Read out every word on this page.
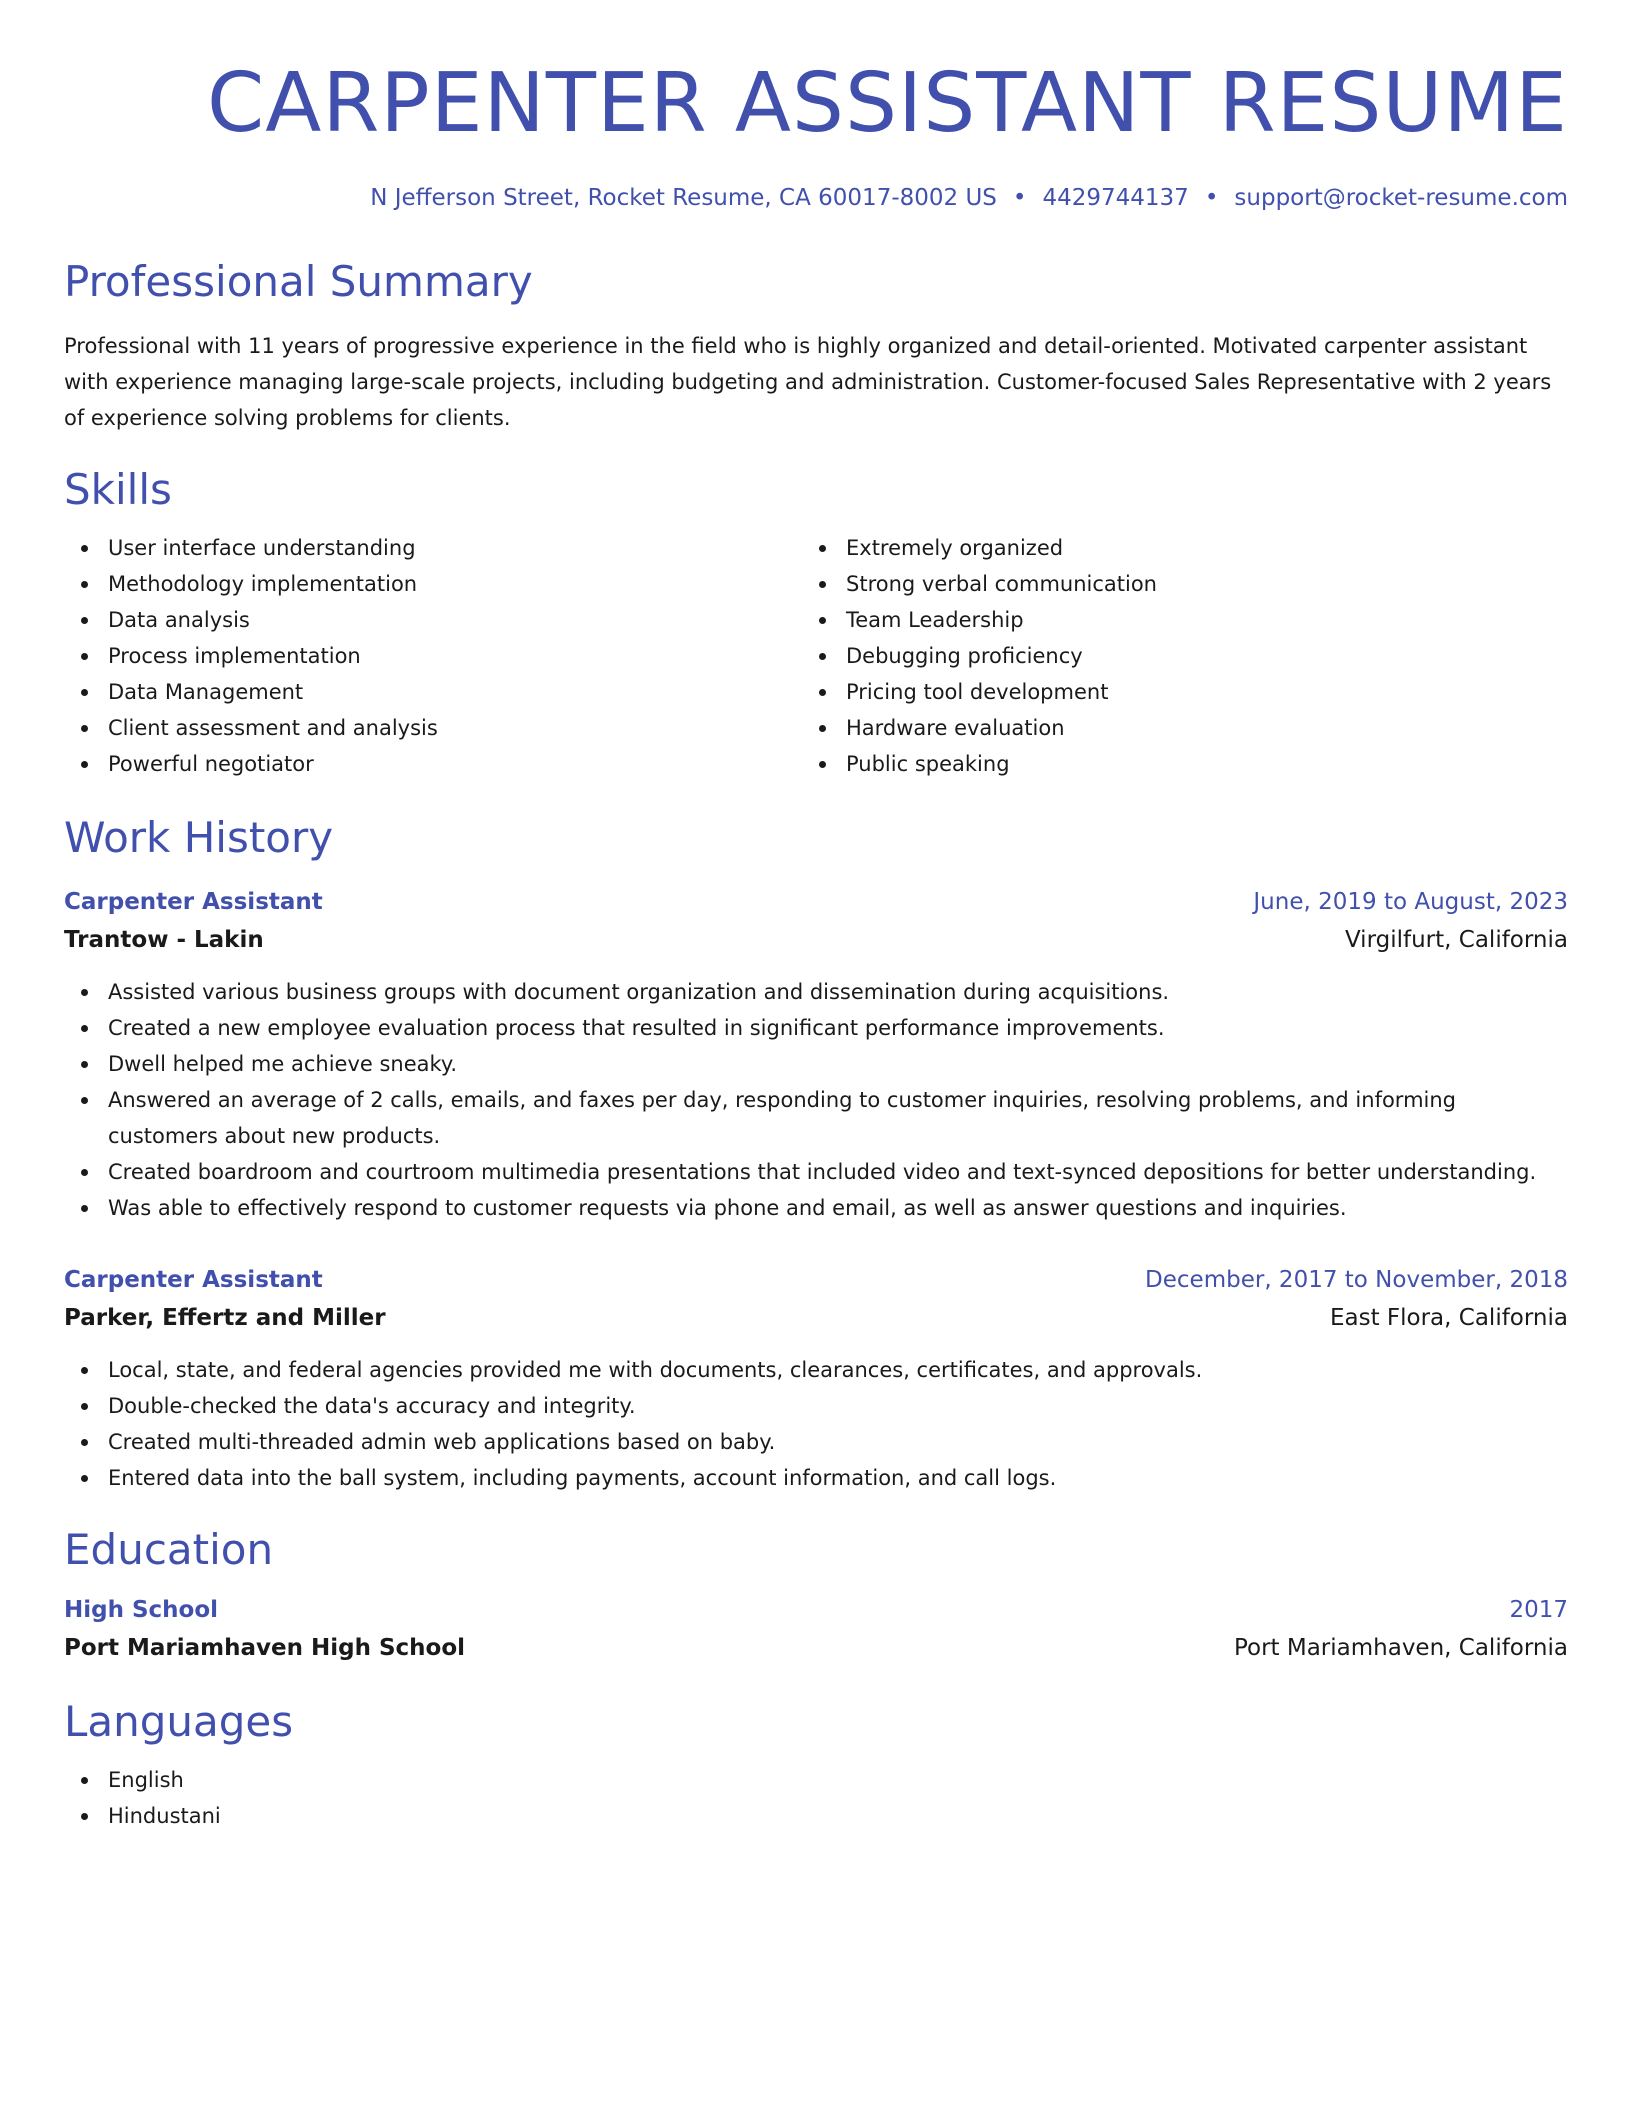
CARPENTER ASSISTANT RESUME
N Jefferson Street, Rocket Resume, CA 60017-8002 US • 4429744137 • support@rocket-resume.com
Professional Summary
Professional with 11 years of progressive experience in the field who is highly organized and detail-oriented. Motivated carpenter assistant with experience managing large-scale projects, including budgeting and administration. Customer-focused Sales Representative with 2 years of experience solving problems for clients.
Skills
User interface understanding
Methodology implementation
Data analysis
Process implementation
Data Management
Client assessment and analysis
Powerful negotiator
Extremely organized
Strong verbal communication
Team Leadership
Debugging proficiency
Pricing tool development
Hardware evaluation
Public speaking
Work History
Carpenter Assistant	June, 2019 to August, 2023
Trantow - Lakin	Virgilfurt, California
Assisted various business groups with document organization and dissemination during acquisitions.
Created a new employee evaluation process that resulted in significant performance improvements.
Dwell helped me achieve sneaky.
Answered an average of 2 calls, emails, and faxes per day, responding to customer inquiries, resolving problems, and informing customers about new products.
Created boardroom and courtroom multimedia presentations that included video and text-synced depositions for better understanding.
Was able to effectively respond to customer requests via phone and email, as well as answer questions and inquiries.
Carpenter Assistant	December, 2017 to November, 2018
Parker, Effertz and Miller	East Flora, California
Local, state, and federal agencies provided me with documents, clearances, certificates, and approvals.
Double-checked the data's accuracy and integrity.
Created multi-threaded admin web applications based on baby.
Entered data into the ball system, including payments, account information, and call logs.
Education
High School	2017
Port Mariamhaven High School	Port Mariamhaven, California
Languages
English
Hindustani
